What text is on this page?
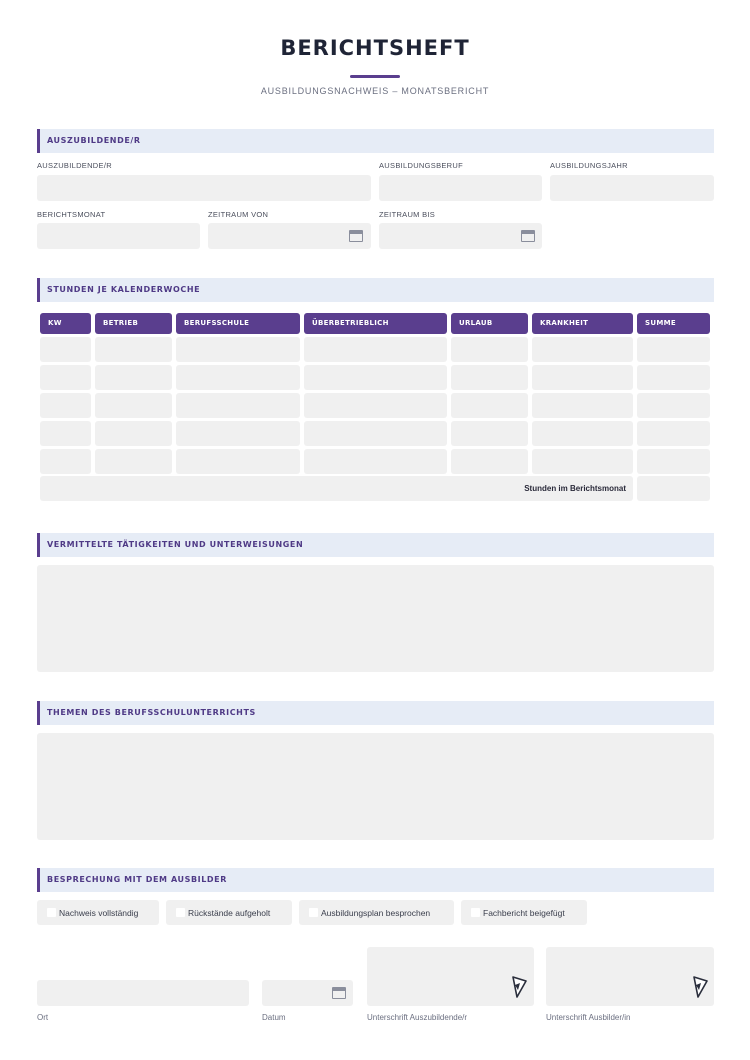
BERICHTSHEFT
AUSBILDUNGSNACHWEIS – MONATSBERICHT
AUSZUBILDENDE/R
AUSZUBILDENDE/R	AUSBILDUNGSBERUF	AUSBILDUNGSJAHR
BERICHTSMONAT	ZEITRAUM VON	ZEITRAUM BIS
STUNDEN JE KALENDERWOCHE
KW	BETRIEB	BERUFSSCHULE	ÜBERBETRIEBLICH	URLAUB	KRANKHEIT	SUMME
Stunden im Berichtsmonat
VERMITTELTE TÄTIGKEITEN UND UNTERWEISUNGEN
THEMEN DES BERUFSSCHULUNTERRICHTS
BESPRECHUNG MIT DEM AUSBILDER
Nachweis vollständig	Rückstände aufgeholt	Ausbildungsplan besprochen	Fachbericht beigefügt
Ort	Datum	Unterschrift Auszubildende/r	Unterschrift Ausbilder/in
